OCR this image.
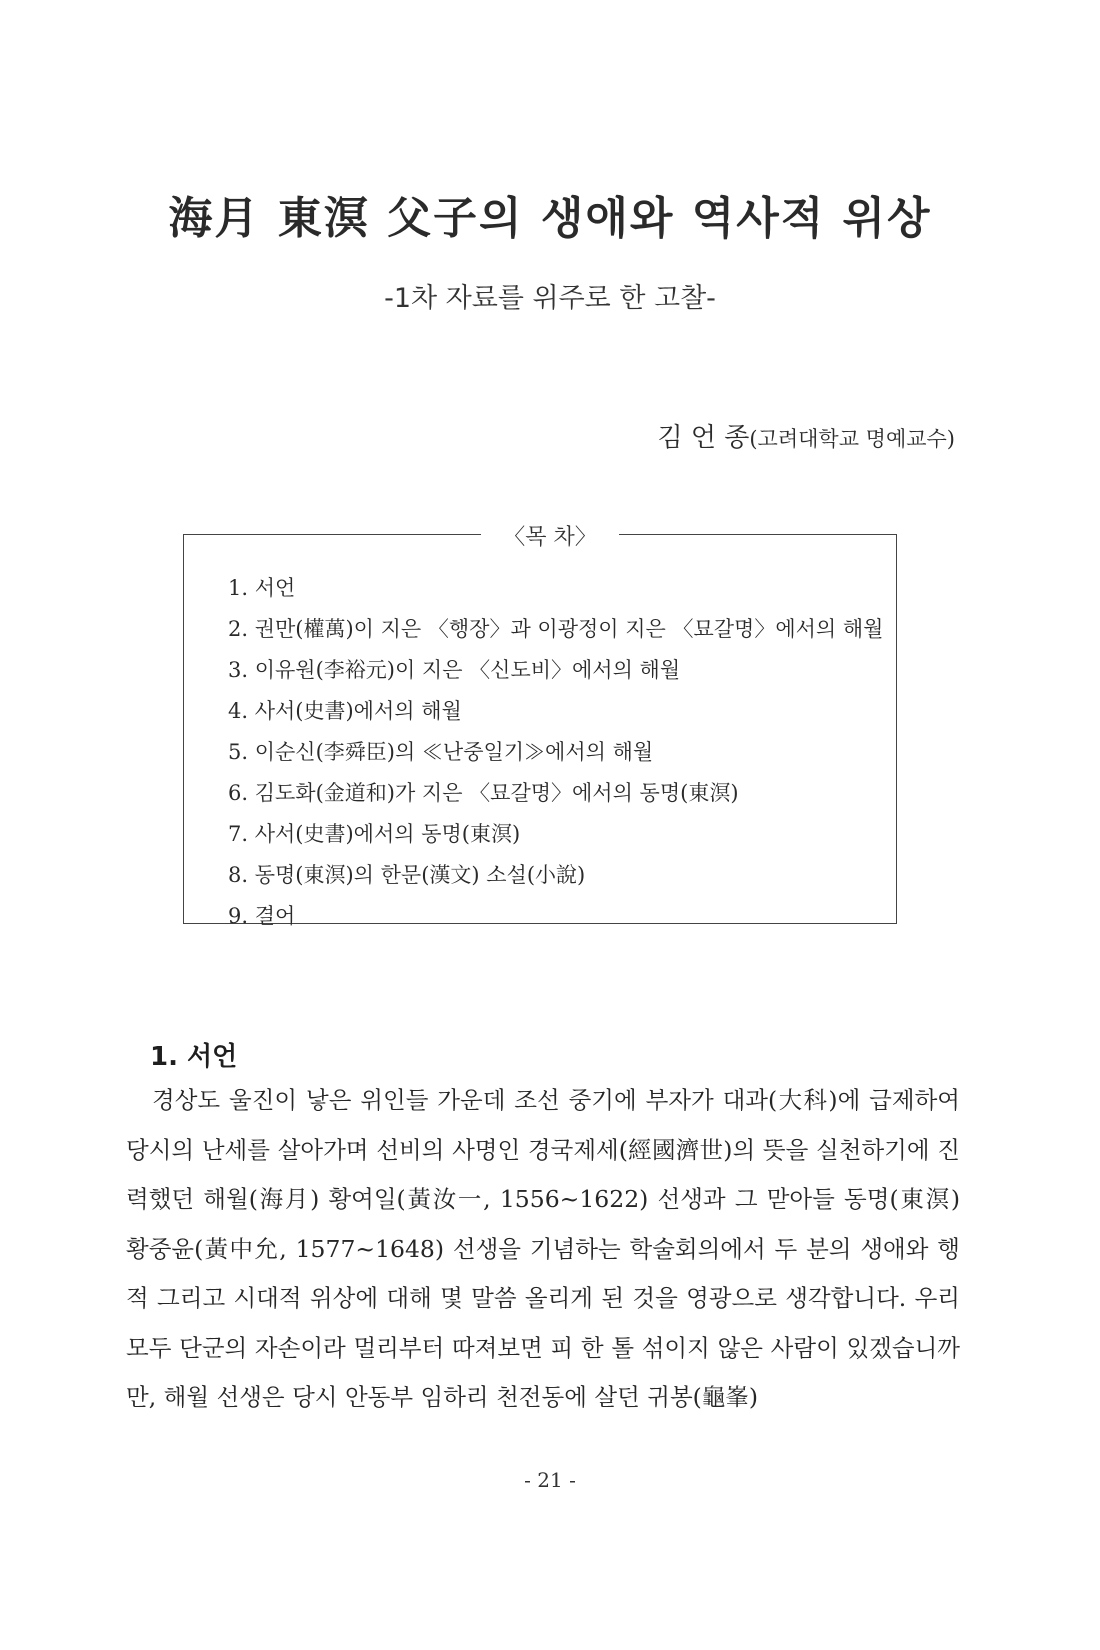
海月 東溟 父子의 생애와 역사적 위상
-1차 자료를 위주로 한 고찰-
김 언 종(고려대학교 명예교수)
〈목 차〉
1. 서언
2. 권만(權萬)이 지은 〈행장〉과 이광정이 지은 〈묘갈명〉에서의 해월
3. 이유원(李裕元)이 지은 〈신도비〉에서의 해월
4. 사서(史書)에서의 해월
5. 이순신(李舜臣)의 ≪난중일기≫에서의 해월
6. 김도화(金道和)가 지은 〈묘갈명〉에서의 동명(東溟)
7. 사서(史書)에서의 동명(東溟)
8. 동명(東溟)의 한문(漢文) 소설(小說)
9. 결어
1. 서언

경상도 울진이 낳은 위인들 가운데 조선 중기에 부자가 대과(大科)에 급제하여 당시의 난세를 살아가며 선비의 사명인 경국제세(經國濟世)의 뜻을 실천하기에 진력했던 해월(海月) 황여일(黃汝一, 1556~1622) 선생과 그 맏아들 동명(東溟) 황중윤(黃中允, 1577~1648) 선생을 기념하는 학술회의에서 두 분의 생애와 행적 그리고 시대적 위상에 대해 몇 말씀 올리게 된 것을 영광으로 생각합니다. 우리 모두 단군의 자손이라 멀리부터 따져보면 피 한 톨 섞이지 않은 사람이 있겠습니까만, 해월 선생은 당시 안동부 임하리 천전동에 살던 귀봉(龜峯)

- 21 -
